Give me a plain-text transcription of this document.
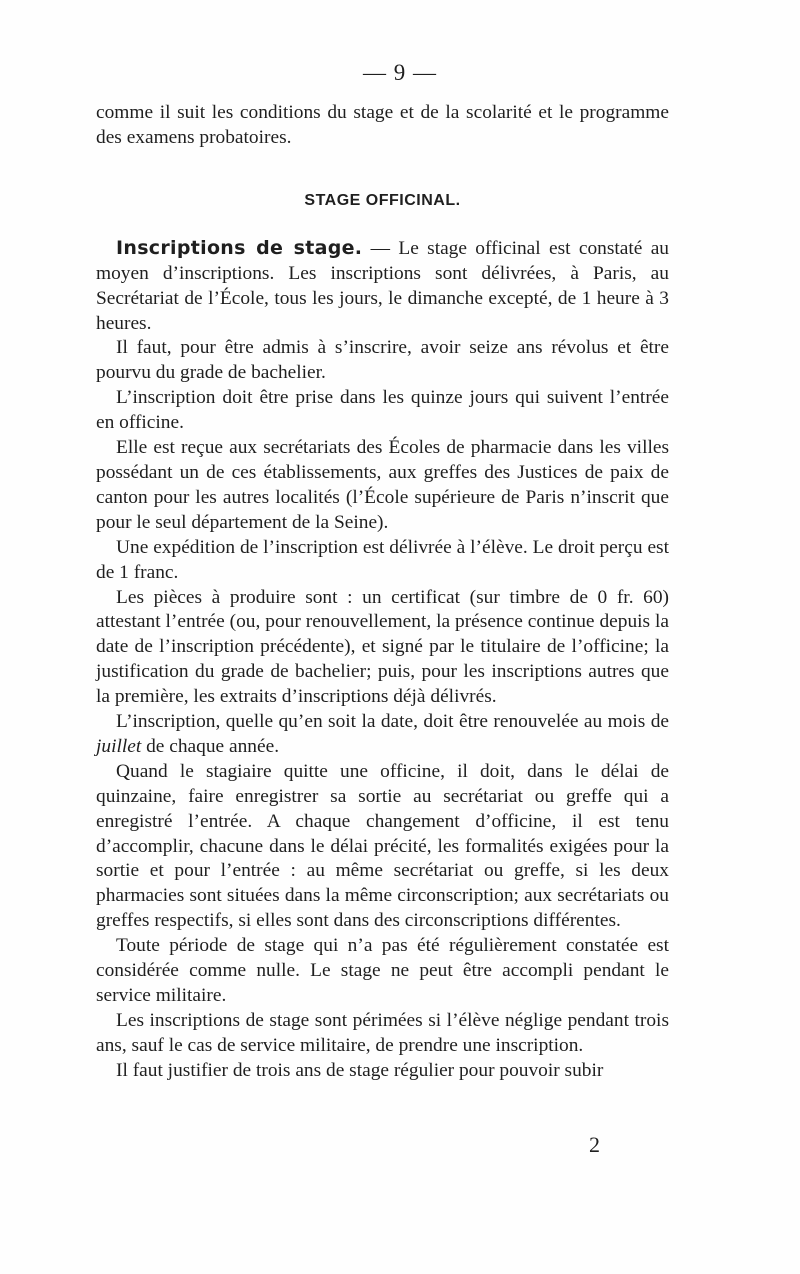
— 9 —

comme il suit les conditions du stage et de la scolarité et le programme des examens probatoires.

STAGE OFFICINAL.

Inscriptions de stage. — Le stage officinal est constaté au moyen d’inscriptions. Les inscriptions sont délivrées, à Paris, au Secrétariat de l’École, tous les jours, le dimanche excepté, de 1 heure à 3 heures.

Il faut, pour être admis à s’inscrire, avoir seize ans révolus et être pourvu du grade de bachelier.

L’inscription doit être prise dans les quinze jours qui suivent l’entrée en officine.

Elle est reçue aux secrétariats des Écoles de pharmacie dans les villes possédant un de ces établissements, aux greffes des Justices de paix de canton pour les autres localités (l’École supérieure de Paris n’inscrit que pour le seul département de la Seine).

Une expédition de l’inscription est délivrée à l’élève. Le droit perçu est de 1 franc.

Les pièces à produire sont : un certificat (sur timbre de 0 fr. 60) attestant l’entrée (ou, pour renouvellement, la présence continue depuis la date de l’inscription précédente), et signé par le titulaire de l’officine; la justification du grade de bachelier; puis, pour les inscriptions autres que la première, les extraits d’inscriptions déjà délivrés.

L’inscription, quelle qu’en soit la date, doit être renouvelée au mois de juillet de chaque année.

Quand le stagiaire quitte une officine, il doit, dans le délai de quinzaine, faire enregistrer sa sortie au secrétariat ou greffe qui a enregistré l’entrée. A chaque changement d’officine, il est tenu d’accomplir, chacune dans le délai précité, les formalités exigées pour la sortie et pour l’entrée : au même secrétariat ou greffe, si les deux pharmacies sont situées dans la même circonscription; aux secrétariats ou greffes respectifs, si elles sont dans des circonscriptions différentes.

Toute période de stage qui n’a pas été régulièrement constatée est considérée comme nulle. Le stage ne peut être accompli pendant le service militaire.

Les inscriptions de stage sont périmées si l’élève néglige pendant trois ans, sauf le cas de service militaire, de prendre une inscription.

Il faut justifier de trois ans de stage régulier pour pouvoir subir

2
